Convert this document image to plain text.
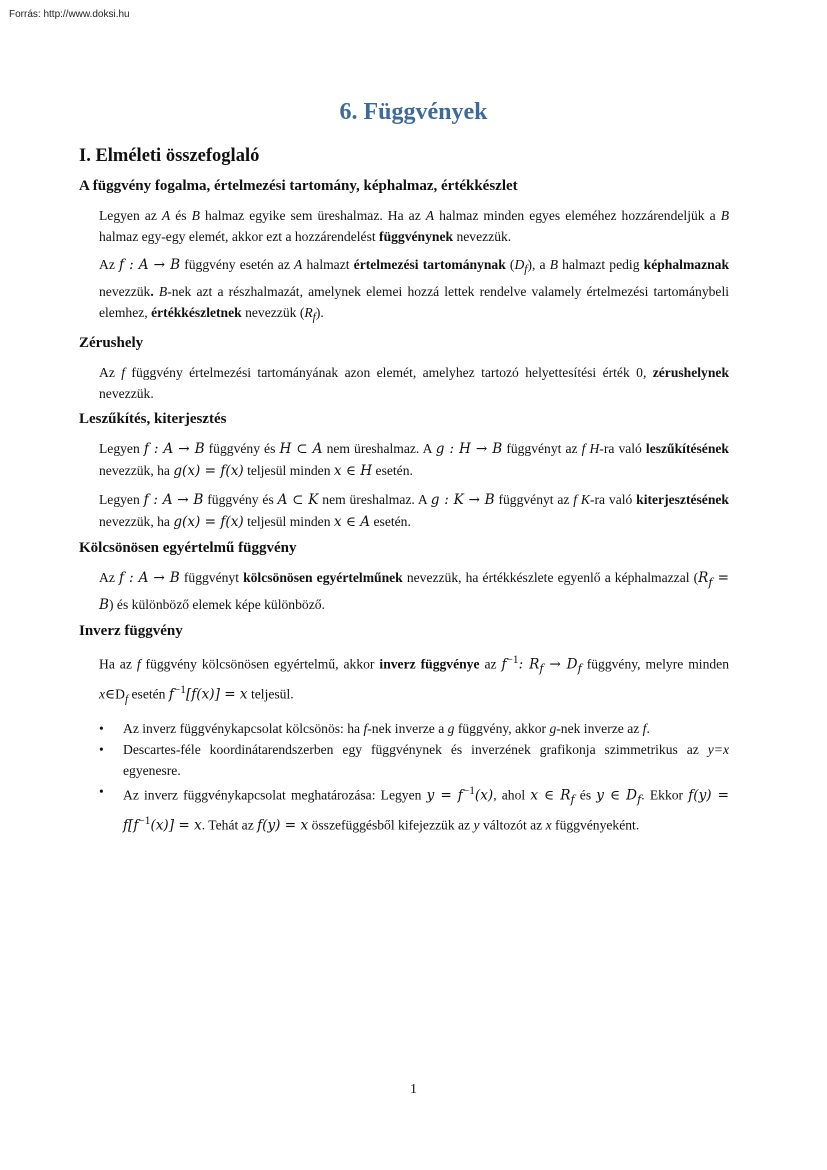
Forrás: http://www.doksi.hu
6. Függvények
I. Elméleti összefoglaló
A függvény fogalma, értelmezési tartomány, képhalmaz, értékkészlet

Legyen az A és B halmaz egyike sem üreshalmaz. Ha az A halmaz minden egyes eleméhez hozzárendeljük a B halmaz egy-egy elemét, akkor ezt a hozzárendelést függvénynek nevezzük.

Az f : A → B függvény esetén az A halmazt értelmezési tartománynak $(D_f)$, a B halmazt pedig képhalmaznak nevezzük. B-nek azt a részhalmazát, amelynek elemei hozzá lettek rendelve valamely értelmezési tartománybeli elemhez, értékkészletnek nevezzük $(R_f)$.

Zérushely

Az f függvény értelmezési tartományának azon elemét, amelyhez tartozó helyettesítési érték 0, zérushelynek nevezzük.

Leszűkítés, kiterjesztés

Legyen f : A → B függvény és H ⊂ A nem üreshalmaz. A g : H → B függvényt az f H-ra való leszűkítésének nevezzük, ha g(x) = f(x) teljesül minden x ∈ H esetén.

Legyen f : A → B függvény és A ⊂ K nem üreshalmaz. A g : K → B függvényt az f K-ra való kiterjesztésének nevezzük, ha g(x) = f(x) teljesül minden x ∈ A esetén.

Kölcsönösen egyértelmű függvény

Az f : A → B függvényt kölcsönösen egyértelműnek nevezzük, ha értékkészlete egyenlő a képhalmazzal $(R_f = B)$ és különböző elemek képe különböző.

Inverz függvény

Ha az f függvény kölcsönösen egyértelmű, akkor inverz függvénye az $f^{-1}$: $R_f \to D_f$ függvény, melyre minden $x\in D_f$ esetén $f^{-1}[f(x)] = x$ teljesül.

• Az inverz függvénykapcsolat kölcsönös: ha f-nek inverze a g függvény, akkor g-nek inverze az f.
• Descartes-féle koordinátarendszerben egy függvénynek és inverzének grafikonja szimmetrikus az y=x egyenesre.
• Az inverz függvénykapcsolat meghatározása: Legyen $y = f^{-1}(x)$, ahol x ∈ $R_f$ és y ∈ $D_f$. Ekkor $f(y) = f[f^{-1}(x)] = x$. Tehát az f(y) = x összefüggésből kifejezzük az y változót az x függvényeként.
1
